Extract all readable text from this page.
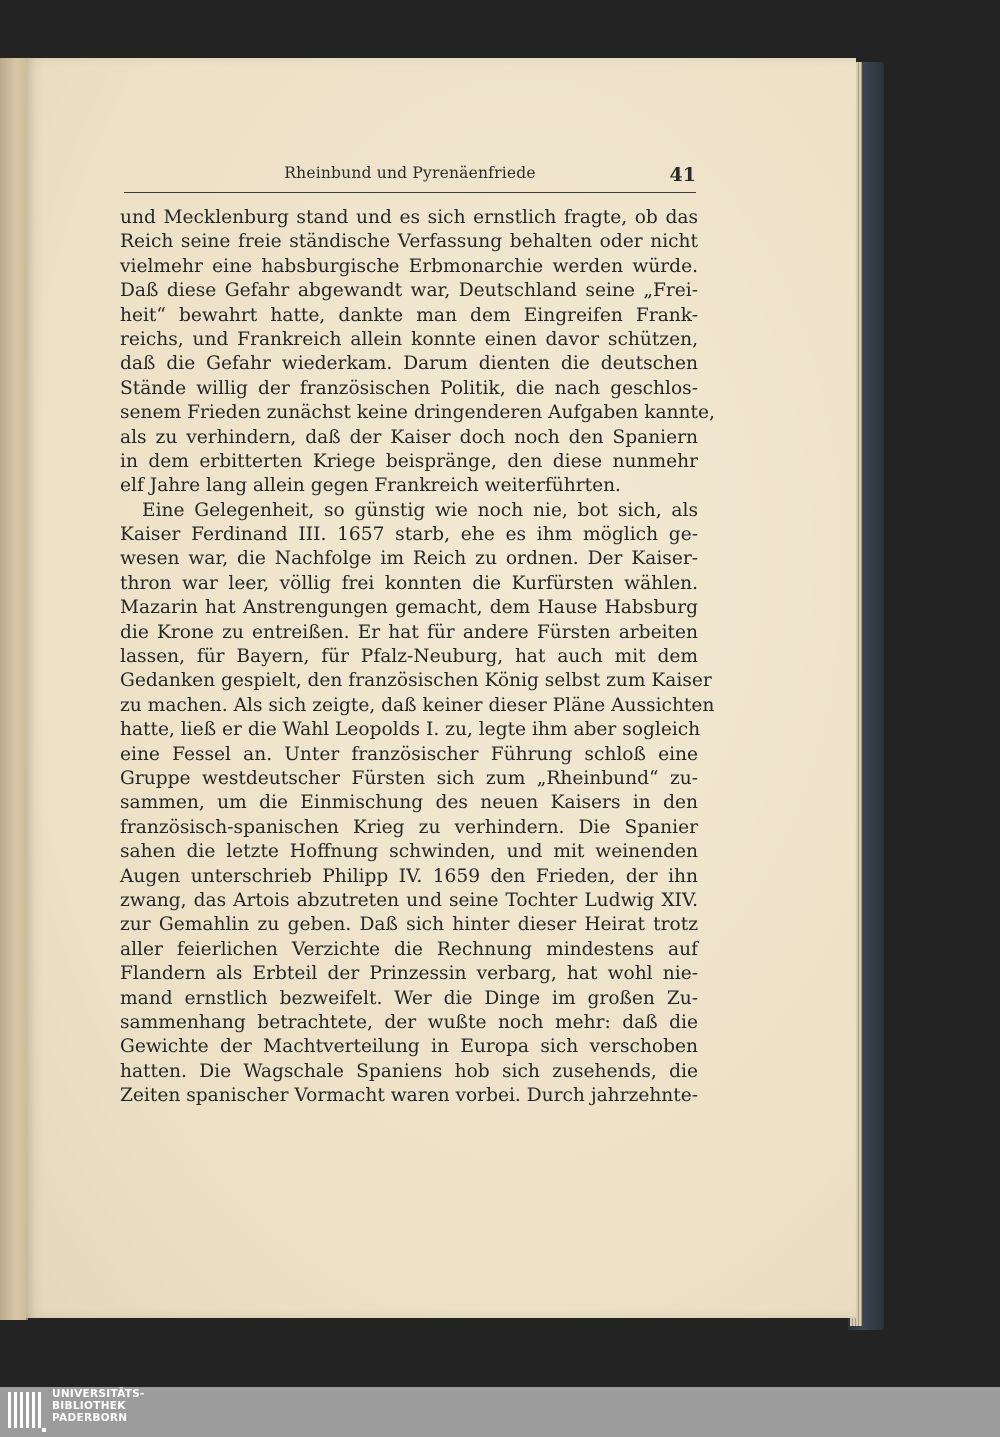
Rheinbund und Pyrenäenfriede	41
und Mecklenburg stand und es sich ernstlich fragte, ob das
Reich seine freie ständische Verfassung behalten oder nicht
vielmehr eine habsburgische Erbmonarchie werden würde.
Daß diese Gefahr abgewandt war, Deutschland seine „Frei-
heit“ bewahrt hatte, dankte man dem Eingreifen Frank-
reichs, und Frankreich allein konnte einen davor schützen,
daß die Gefahr wiederkam. Darum dienten die deutschen
Stände willig der französischen Politik, die nach geschlos-
senem Frieden zunächst keine dringenderen Aufgaben kannte,
als zu verhindern, daß der Kaiser doch noch den Spaniern
in dem erbitterten Kriege beispränge, den diese nunmehr
elf Jahre lang allein gegen Frankreich weiterführten.
Eine Gelegenheit, so günstig wie noch nie, bot sich, als
Kaiser Ferdinand III. 1657 starb, ehe es ihm möglich ge-
wesen war, die Nachfolge im Reich zu ordnen. Der Kaiser-
thron war leer, völlig frei konnten die Kurfürsten wählen.
Mazarin hat Anstrengungen gemacht, dem Hause Habsburg
die Krone zu entreißen. Er hat für andere Fürsten arbeiten
lassen, für Bayern, für Pfalz-Neuburg, hat auch mit dem
Gedanken gespielt, den französischen König selbst zum Kaiser
zu machen. Als sich zeigte, daß keiner dieser Pläne Aussichten
hatte, ließ er die Wahl Leopolds I. zu, legte ihm aber sogleich
eine Fessel an. Unter französischer Führung schloß eine
Gruppe westdeutscher Fürsten sich zum „Rheinbund“ zu-
sammen, um die Einmischung des neuen Kaisers in den
französisch-spanischen Krieg zu verhindern. Die Spanier
sahen die letzte Hoffnung schwinden, und mit weinenden
Augen unterschrieb Philipp IV. 1659 den Frieden, der ihn
zwang, das Artois abzutreten und seine Tochter Ludwig XIV.
zur Gemahlin zu geben. Daß sich hinter dieser Heirat trotz
aller feierlichen Verzichte die Rechnung mindestens auf
Flandern als Erbteil der Prinzessin verbarg, hat wohl nie-
mand ernstlich bezweifelt. Wer die Dinge im großen Zu-
sammenhang betrachtete, der wußte noch mehr: daß die
Gewichte der Machtverteilung in Europa sich verschoben
hatten. Die Wagschale Spaniens hob sich zusehends, die
Zeiten spanischer Vormacht waren vorbei. Durch jahrzehnte-
UNIVERSITÄTS-
BIBLIOTHEK
PADERBORN
